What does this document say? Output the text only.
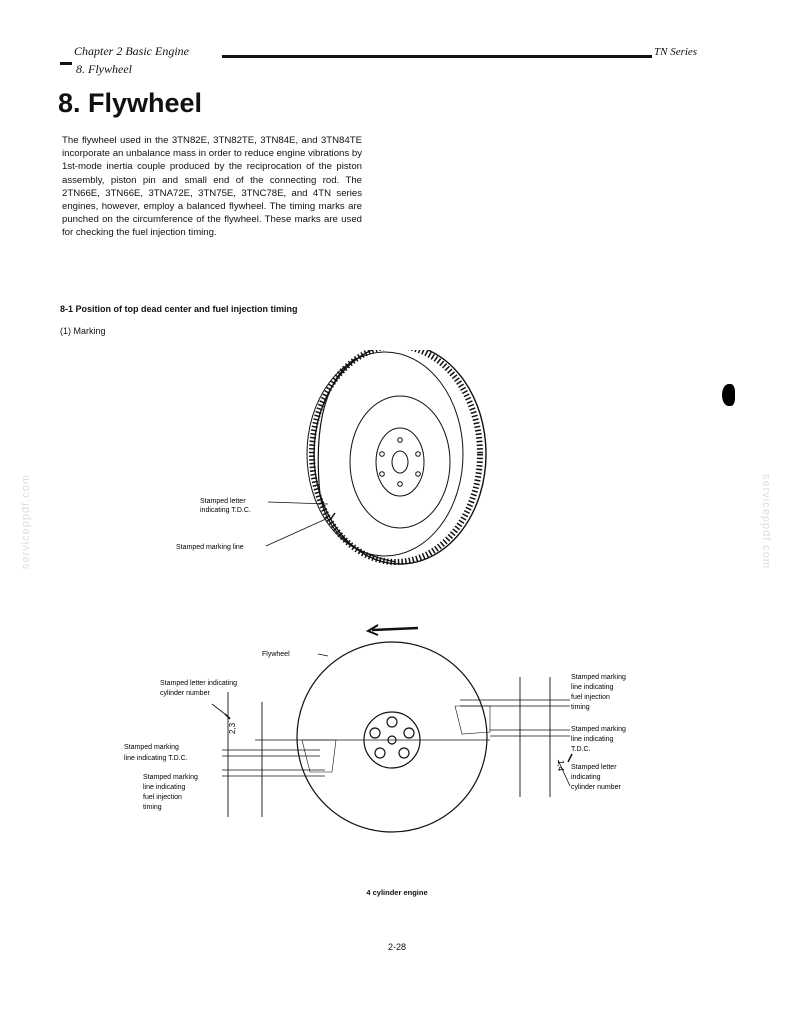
Chapter 2 Basic Engine	TN Series
8. Flywheel
8. Flywheel

The flywheel used in the 3TN82E, 3TN82TE, 3TN84E, and 3TN84TE incorporate an unbalance mass in order to reduce engine vibrations by 1st-mode inertia couple produced by the reciprocation of the piston assembly, piston pin and small end of the connecting rod. The 2TN66E, 3TN66E, 3TNA72E, 3TN75E, 3TNC78E, and 4TN series engines, however, employ a balanced flywheel. The timing marks are punched on the circumference of the flywheel. These marks are used for checking the fuel injection timing.

8-1 Position of top dead center and fuel injection timing
(1) Marking
serviceppdf.com	serviceppdf.com
Stamped letter
indicating T.D.C.
Stamped marking line
2,3
1,4
Flywheel
Stamped letter indicating
cylinder number
Stamped marking
line indicating T.D.C.
Stamped marking
line indicating
fuel injection
timing
Stamped marking
line indicating
fuel injection
timing
Stamped marking
line indicating
T.D.C.
Stamped letter
indicating
cylinder number
4 cylinder engine
2-28
